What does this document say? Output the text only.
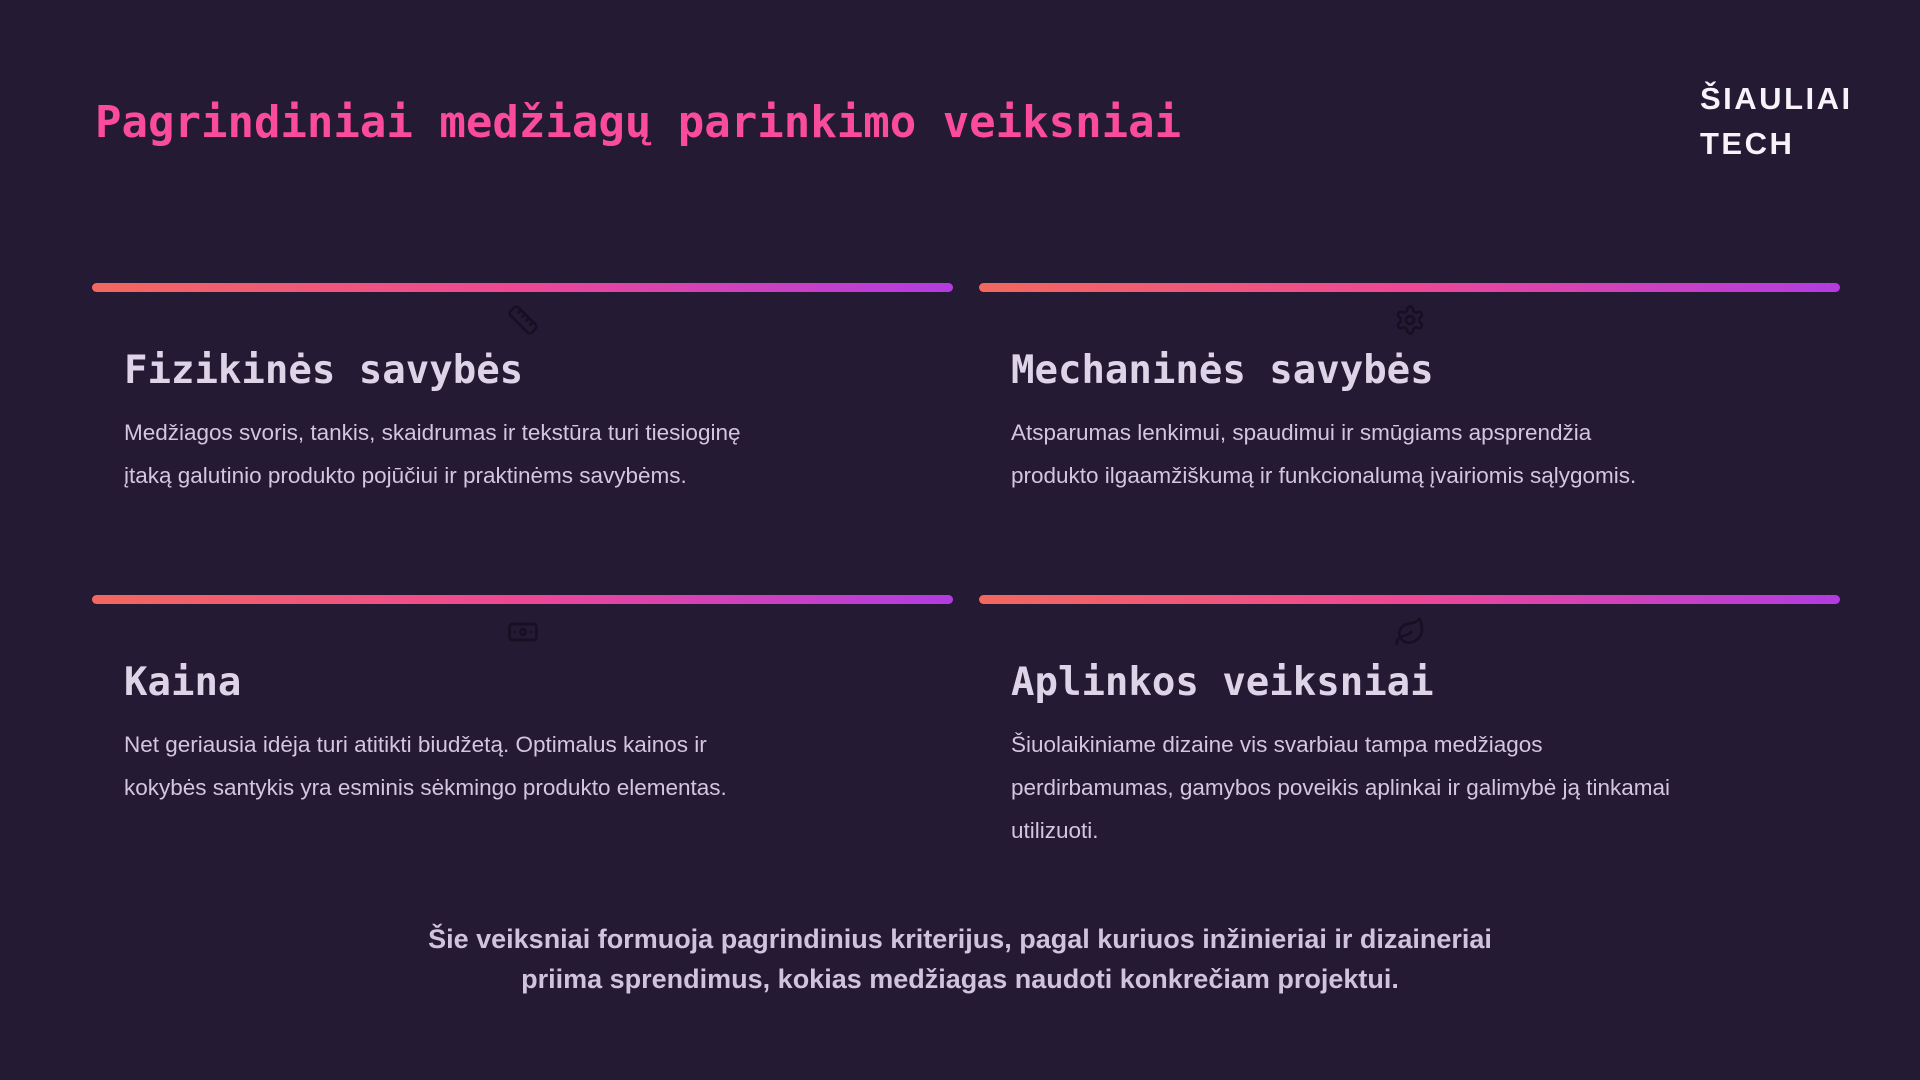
Pagrindiniai medžiagų parinkimo veiksniai	ŠIAULIAI
TECH
Fizikinės savybės
Medžiagos svoris, tankis, skaidrumas ir tekstūra turi tiesioginę
įtaką galutinio produkto pojūčiui ir praktinėms savybėms.
Mechaninės savybės
Atsparumas lenkimui, spaudimui ir smūgiams apsprendžia
produkto ilgaamžiškumą ir funkcionalumą įvairiomis sąlygomis.
Kaina
Net geriausia idėja turi atitikti biudžetą. Optimalus kainos ir
kokybės santykis yra esminis sėkmingo produkto elementas.
Aplinkos veiksniai
Šiuolaikiniame dizaine vis svarbiau tampa medžiagos
perdirbamumas, gamybos poveikis aplinkai ir galimybė ją tinkamai
utilizuoti.
Šie veiksniai formuoja pagrindinius kriterijus, pagal kuriuos inžinieriai ir dizaineriai
priima sprendimus, kokias medžiagas naudoti konkrečiam projektui.
